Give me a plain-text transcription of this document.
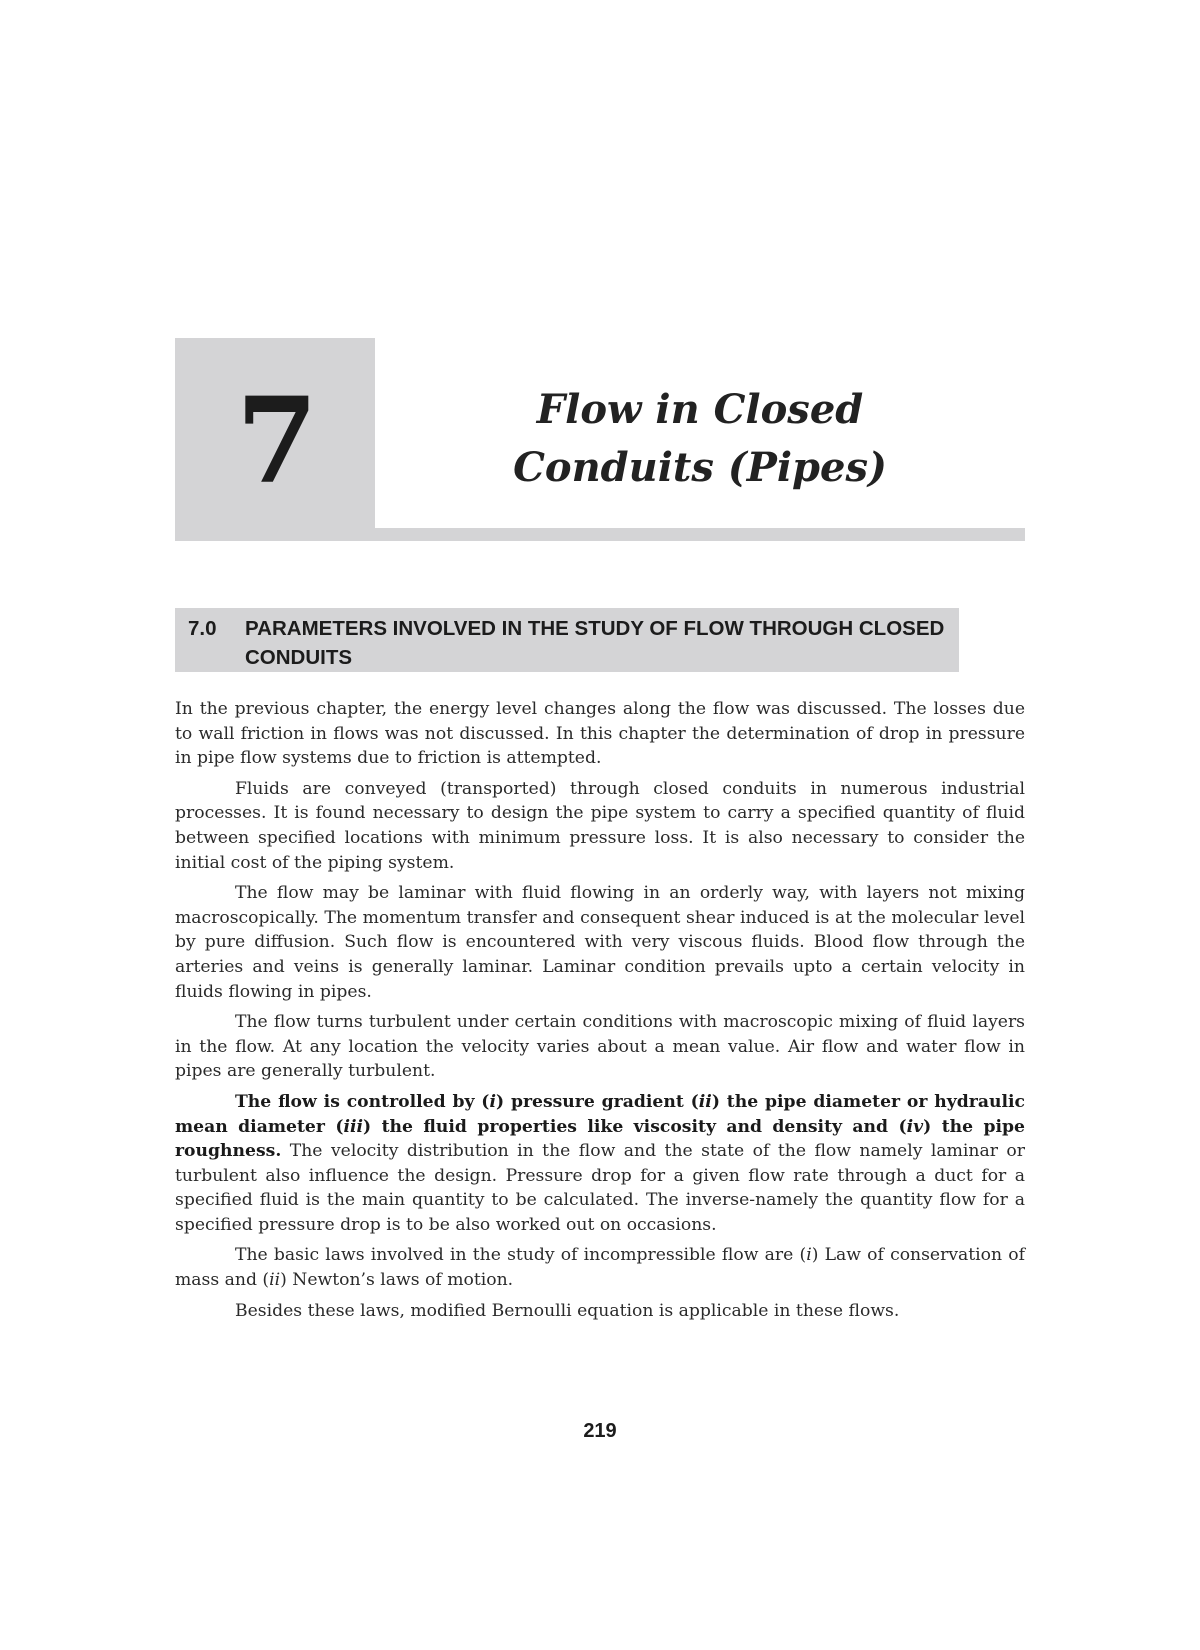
7	Flow in Closed
Conduits (Pipes)
7.0 PARAMETERS INVOLVED IN THE STUDY OF FLOW THROUGH CLOSED CONDUITS

In the previous chapter, the energy level changes along the flow was discussed. The losses due to wall friction in flows was not discussed. In this chapter the determination of drop in pressure in pipe flow systems due to friction is attempted.

Fluids are conveyed (transported) through closed conduits in numerous industrial processes. It is found necessary to design the pipe system to carry a specified quantity of fluid between specified locations with minimum pressure loss. It is also necessary to consider the initial cost of the piping system.

The flow may be laminar with fluid flowing in an orderly way, with layers not mixing macroscopically. The momentum transfer and consequent shear induced is at the molecular level by pure diffusion. Such flow is encountered with very viscous fluids. Blood flow through the arteries and veins is generally laminar. Laminar condition prevails upto a certain velocity in fluids flowing in pipes.

The flow turns turbulent under certain conditions with macroscopic mixing of fluid layers in the flow. At any location the velocity varies about a mean value. Air flow and water flow in pipes are generally turbulent.

The flow is controlled by (i) pressure gradient (ii) the pipe diameter or hydraulic mean diameter (iii) the fluid properties like viscosity and density and (iv) the pipe roughness. The velocity distribution in the flow and the state of the flow namely laminar or turbulent also influence the design. Pressure drop for a given flow rate through a duct for a specified fluid is the main quantity to be calculated. The inverse-namely the quantity flow for a specified pressure drop is to be also worked out on occasions.

The basic laws involved in the study of incompressible flow are (i) Law of conservation of mass and (ii) Newton’s laws of motion.

Besides these laws, modified Bernoulli equation is applicable in these flows.

219
